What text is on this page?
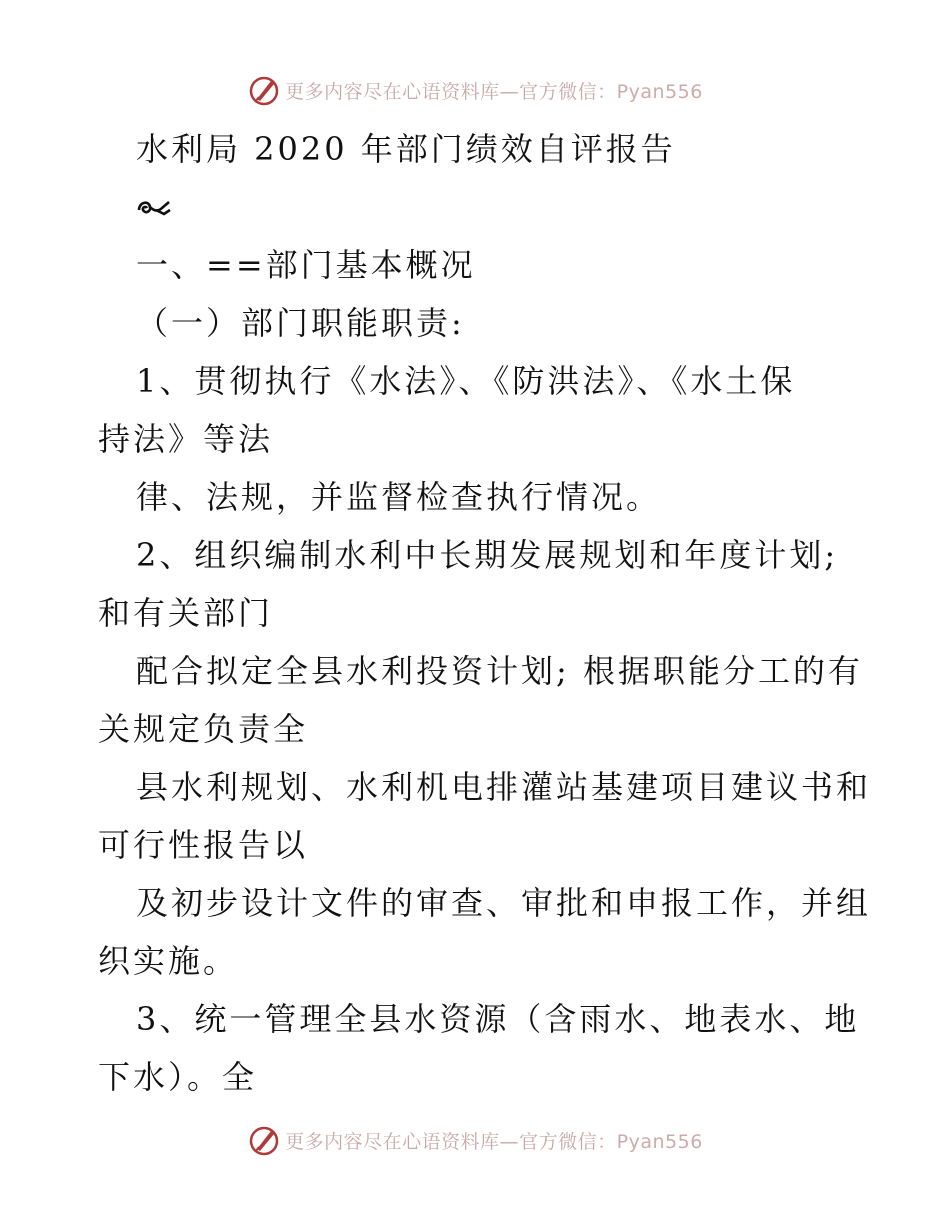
更多内容尽在心语资料库—官方微信：Pyan556
水利局 2020 年部门绩效自评报告
一、==部门基本概况
（一）部门职能职责:
1、贯彻执行《水法》、《防洪法》、《水土保
持法》等法
律、法规，并监督检查执行情况。
2、组织编制水利中长期发展规划和年度计划;
和有关部门
配合拟定全县水利投资计划; 根据职能分工的有
关规定负责全
县水利规划、水利机电排灌站基建项目建议书和
可行性报告以
及初步设计文件的审查、审批和申报工作，并组
织实施。
3、统一管理全县水资源（含雨水、地表水、地
下水）。全
更多内容尽在心语资料库—官方微信：Pyan556
